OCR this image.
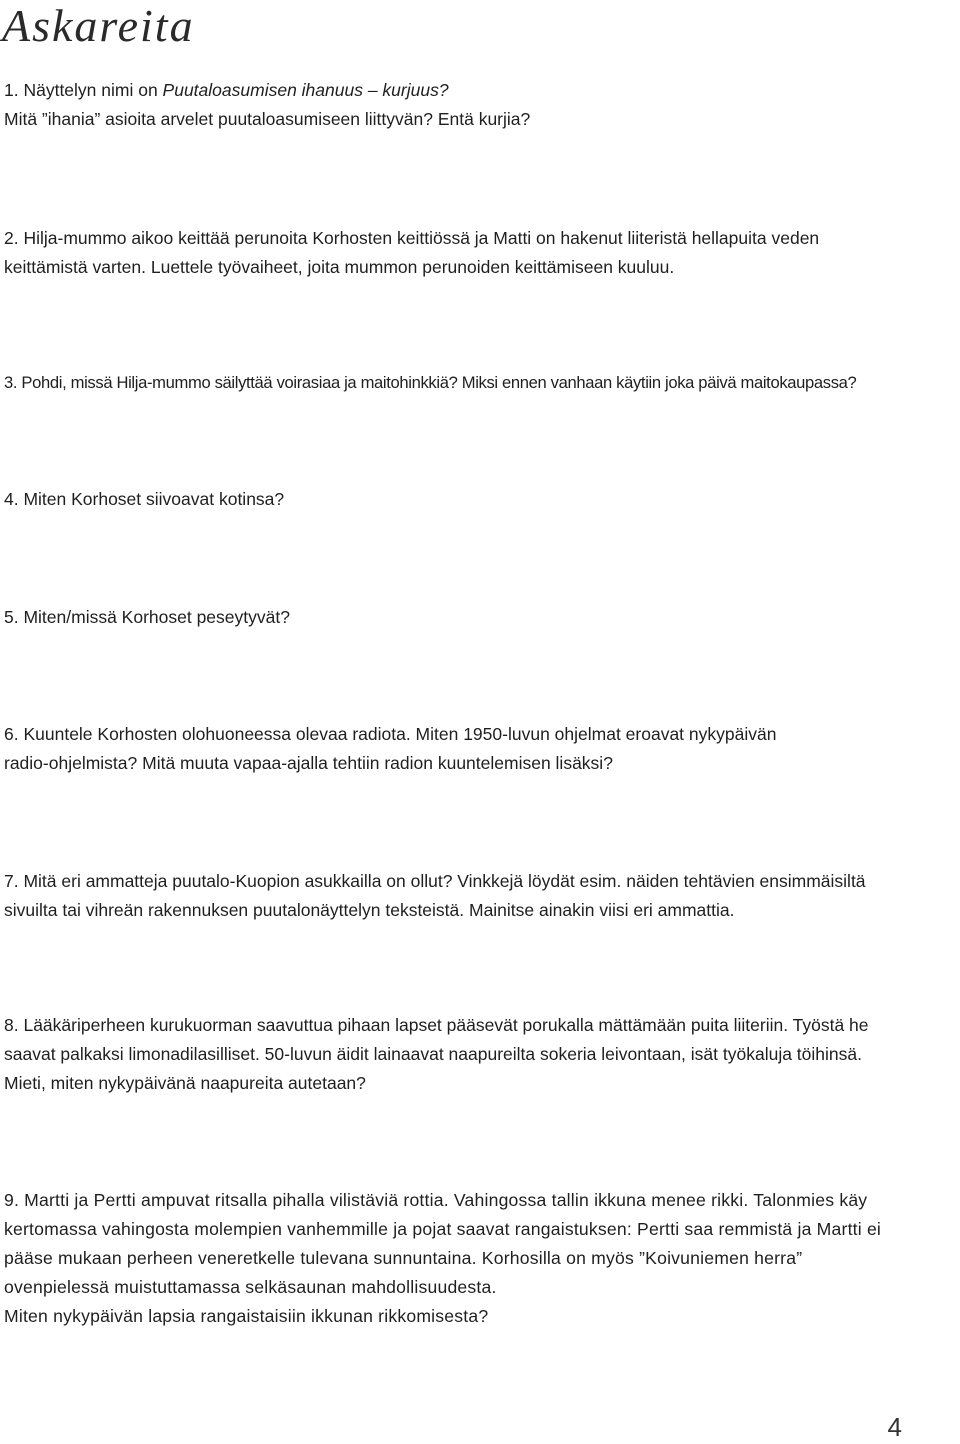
Askareita
1. Näyttelyn nimi on Puutaloasumisen ihanuus – kurjuus?
Mitä ”ihania” asioita arvelet puutaloasumiseen liittyvän? Entä kurjia?
2. Hilja-mummo aikoo keittää perunoita Korhosten keittiössä ja Matti on hakenut liiteristä hellapuita veden
keittämistä varten. Luettele työvaiheet, joita mummon perunoiden keittämiseen kuuluu.
3. Pohdi, missä Hilja-mummo säilyttää voirasiaa ja maitohinkkiä? Miksi ennen vanhaan käytiin joka päivä maitokaupassa?
4. Miten Korhoset siivoavat kotinsa?
5. Miten/missä Korhoset peseytyvät?
6. Kuuntele Korhosten olohuoneessa olevaa radiota. Miten 1950-luvun ohjelmat eroavat nykypäivän
radio-ohjelmista? Mitä muuta vapaa-ajalla tehtiin radion kuuntelemisen lisäksi?
7. Mitä eri ammatteja puutalo-Kuopion asukkailla on ollut? Vinkkejä löydät esim. näiden tehtävien ensimmäisiltä
sivuilta tai vihreän rakennuksen puutalonäyttelyn teksteistä. Mainitse ainakin viisi eri ammattia.
8. Lääkäriperheen kurukuorman saavuttua pihaan lapset pääsevät porukalla mättämään puita liiteriin. Työstä he
saavat palkaksi limonadilasilliset. 50-luvun äidit lainaavat naapureilta sokeria leivontaan, isät työkaluja töihinsä.
Mieti, miten nykypäivänä naapureita autetaan?
9. Martti ja Pertti ampuvat ritsalla pihalla vilistäviä rottia. Vahingossa tallin ikkuna menee rikki. Talonmies käy
kertomassa vahingosta molempien vanhemmille ja pojat saavat rangaistuksen: Pertti saa remmistä ja Martti ei
pääse mukaan perheen veneretkelle tulevana sunnuntaina. Korhosilla on myös ”Koivuniemen herra”
ovenpielessä muistuttamassa selkäsaunan mahdollisuudesta.
Miten nykypäivän lapsia rangaistaisiin ikkunan rikkomisesta?
4
